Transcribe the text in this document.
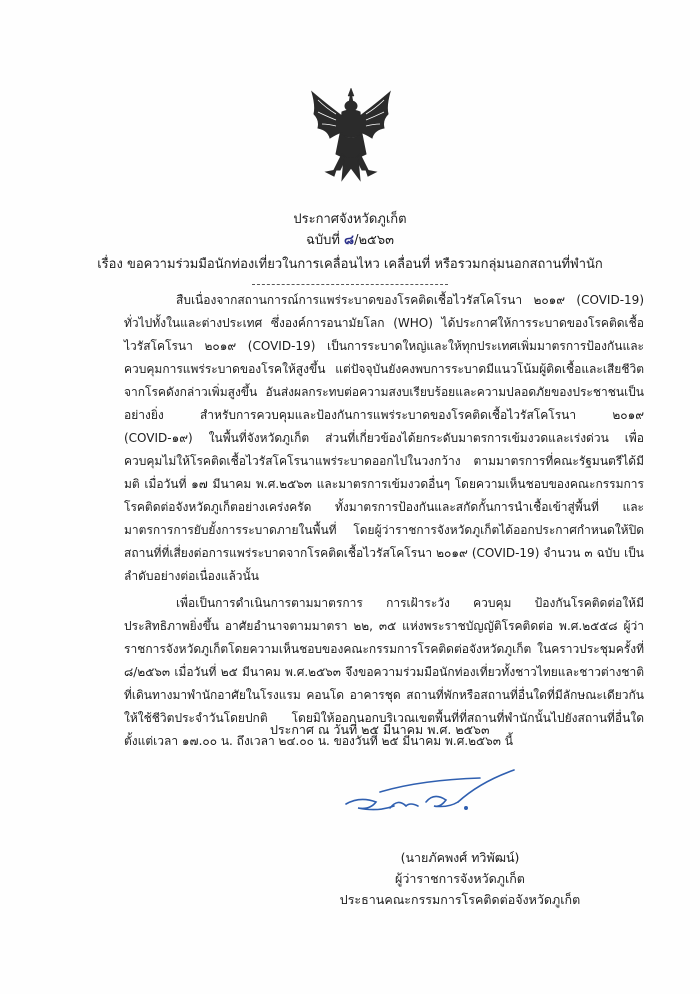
ประกาศจังหวัดภูเก็ต
ฉบับที่ ๘/๒๕๖๓
เรื่อง ขอความร่วมมือนักท่องเที่ยวในการเคลื่อนไหว เคลื่อนที่ หรือรวมกลุ่มนอกสถานที่พำนัก

สืบเนื่องจากสถานการณ์การแพร่ระบาดของโรคติดเชื้อไวรัสโคโรนา ๒๐๑๙ (COVID-19) ทั่วไปทั้งในและต่างประเทศ ซึ่งองค์การอนามัยโลก (WHO) ได้ประกาศให้การระบาดของโรคติดเชื้อไวรัสโคโรนา ๒๐๑๙ (COVID-19) เป็นการระบาดใหญ่และให้ทุกประเทศเพิ่มมาตรการป้องกันและควบคุมการแพร่ระบาดของโรคให้สูงขึ้น แต่ปัจจุบันยังคงพบการระบาดมีแนวโน้มผู้ติดเชื้อและเสียชีวิตจากโรคดังกล่าวเพิ่มสูงขึ้น อันส่งผลกระทบต่อความสงบเรียบร้อยและความปลอดภัยของประชาชนเป็นอย่างยิ่ง สำหรับการควบคุมและป้องกันการแพร่ระบาดของโรคติดเชื้อไวรัสโคโรนา ๒๐๑๙ (COVID-๑๙) ในพื้นที่จังหวัดภูเก็ต ส่วนที่เกี่ยวข้องได้ยกระดับมาตรการเข้มงวดและเร่งด่วน เพื่อควบคุมไม่ให้โรคติดเชื้อไวรัสโคโรนาแพร่ระบาดออกไปในวงกว้าง ตามมาตรการที่คณะรัฐมนตรีได้มีมติ เมื่อวันที่ ๑๗ มีนาคม พ.ศ.๒๕๖๓ และมาตรการเข้มงวดอื่นๆ โดยความเห็นชอบของคณะกรรมการโรคติดต่อจังหวัดภูเก็ตอย่างเคร่งครัด ทั้งมาตรการป้องกันและสกัดกั้นการนำเชื้อเข้าสู่พื้นที่ และมาตรการการยับยั้งการระบาดภายในพื้นที่ โดยผู้ว่าราชการจังหวัดภูเก็ตได้ออกประกาศกำหนดให้ปิดสถานที่ที่เสี่ยงต่อการแพร่ระบาดจากโรคติดเชื้อไวรัสโคโรนา ๒๐๑๙ (COVID-19) จำนวน ๓ ฉบับ เป็นลำดับอย่างต่อเนื่องแล้วนั้น

เพื่อเป็นการดำเนินการตามมาตรการ การเฝ้าระวัง ควบคุม ป้องกันโรคติดต่อให้มีประสิทธิภาพยิ่งขึ้น อาศัยอำนาจตามมาตรา ๒๒, ๓๕ แห่งพระราชบัญญัติโรคติดต่อ พ.ศ.๒๕๕๘ ผู้ว่าราชการจังหวัดภูเก็ตโดยความเห็นชอบของคณะกรรมการโรคติดต่อจังหวัดภูเก็ต ในคราวประชุมครั้งที่ ๘/๒๕๖๓ เมื่อวันที่ ๒๕ มีนาคม พ.ศ.๒๕๖๓ จึงขอความร่วมมือนักท่องเที่ยวทั้งชาวไทยและชาวต่างชาติที่เดินทางมาพำนักอาศัยในโรงแรม คอนโด อาคารชุด สถานที่พักหรือสถานที่อื่นใดที่มีลักษณะเดียวกันให้ใช้ชีวิตประจำวันโดยปกติ โดยมิให้ออกนอกบริเวณเขตพื้นที่ที่สถานที่พำนักนั้นไปยังสถานที่อื่นใด ตั้งแต่เวลา ๑๗.๐๐ น. ถึงเวลา ๒๔.๐๐ น. ของวันที่ ๒๕ มีนาคม พ.ศ.๒๕๖๓ นี้

ประกาศ ณ วันที่ ๒๕ มีนาคม พ.ศ. ๒๕๖๓
(นายภัคพงศ์ ทวิพัฒน์)
ผู้ว่าราชการจังหวัดภูเก็ต
ประธานคณะกรรมการโรคติดต่อจังหวัดภูเก็ต
